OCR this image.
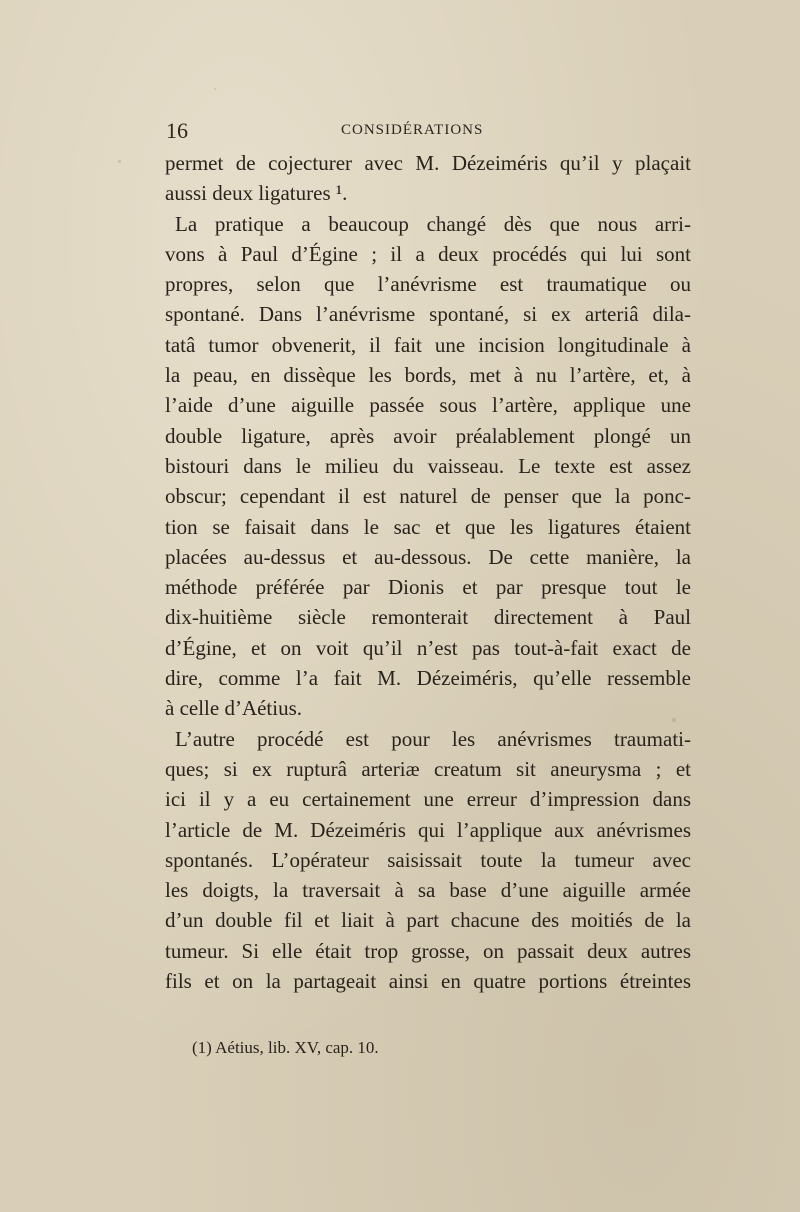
16	CONSIDÉRATIONS
permet de cojecturer avec M. Dézeiméris qu’il y plaçait
aussi deux ligatures ¹.
La pratique a beaucoup changé dès que nous arri-
vons à Paul d’Égine ; il a deux procédés qui lui sont
propres, selon que l’anévrisme est traumatique ou
spontané. Dans l’anévrisme spontané, si ex arteriâ dila-
tatâ tumor obvenerit, il fait une incision longitudinale à
la peau, en dissèque les bords, met à nu l’artère, et, à
l’aide d’une aiguille passée sous l’artère, applique une
double ligature, après avoir préalablement plongé un
bistouri dans le milieu du vaisseau. Le texte est assez
obscur; cependant il est naturel de penser que la ponc-
tion se faisait dans le sac et que les ligatures étaient
placées au-dessus et au-dessous. De cette manière, la
méthode préférée par Dionis et par presque tout le
dix-huitième siècle remonterait directement à Paul
d’Égine, et on voit qu’il n’est pas tout-à-fait exact de
dire, comme l’a fait M. Dézeiméris, qu’elle ressemble
à celle d’Aétius.
L’autre procédé est pour les anévrismes traumati-
ques; si ex rupturâ arteriæ creatum sit aneurysma ; et
ici il y a eu certainement une erreur d’impression dans
l’article de M. Dézeiméris qui l’applique aux anévrismes
spontanés. L’opérateur saisissait toute la tumeur avec
les doigts, la traversait à sa base d’une aiguille armée
d’un double fil et liait à part chacune des moitiés de la
tumeur. Si elle était trop grosse, on passait deux autres
fils et on la partageait ainsi en quatre portions étreintes
(1) Aétius, lib. XV, cap. 10.
